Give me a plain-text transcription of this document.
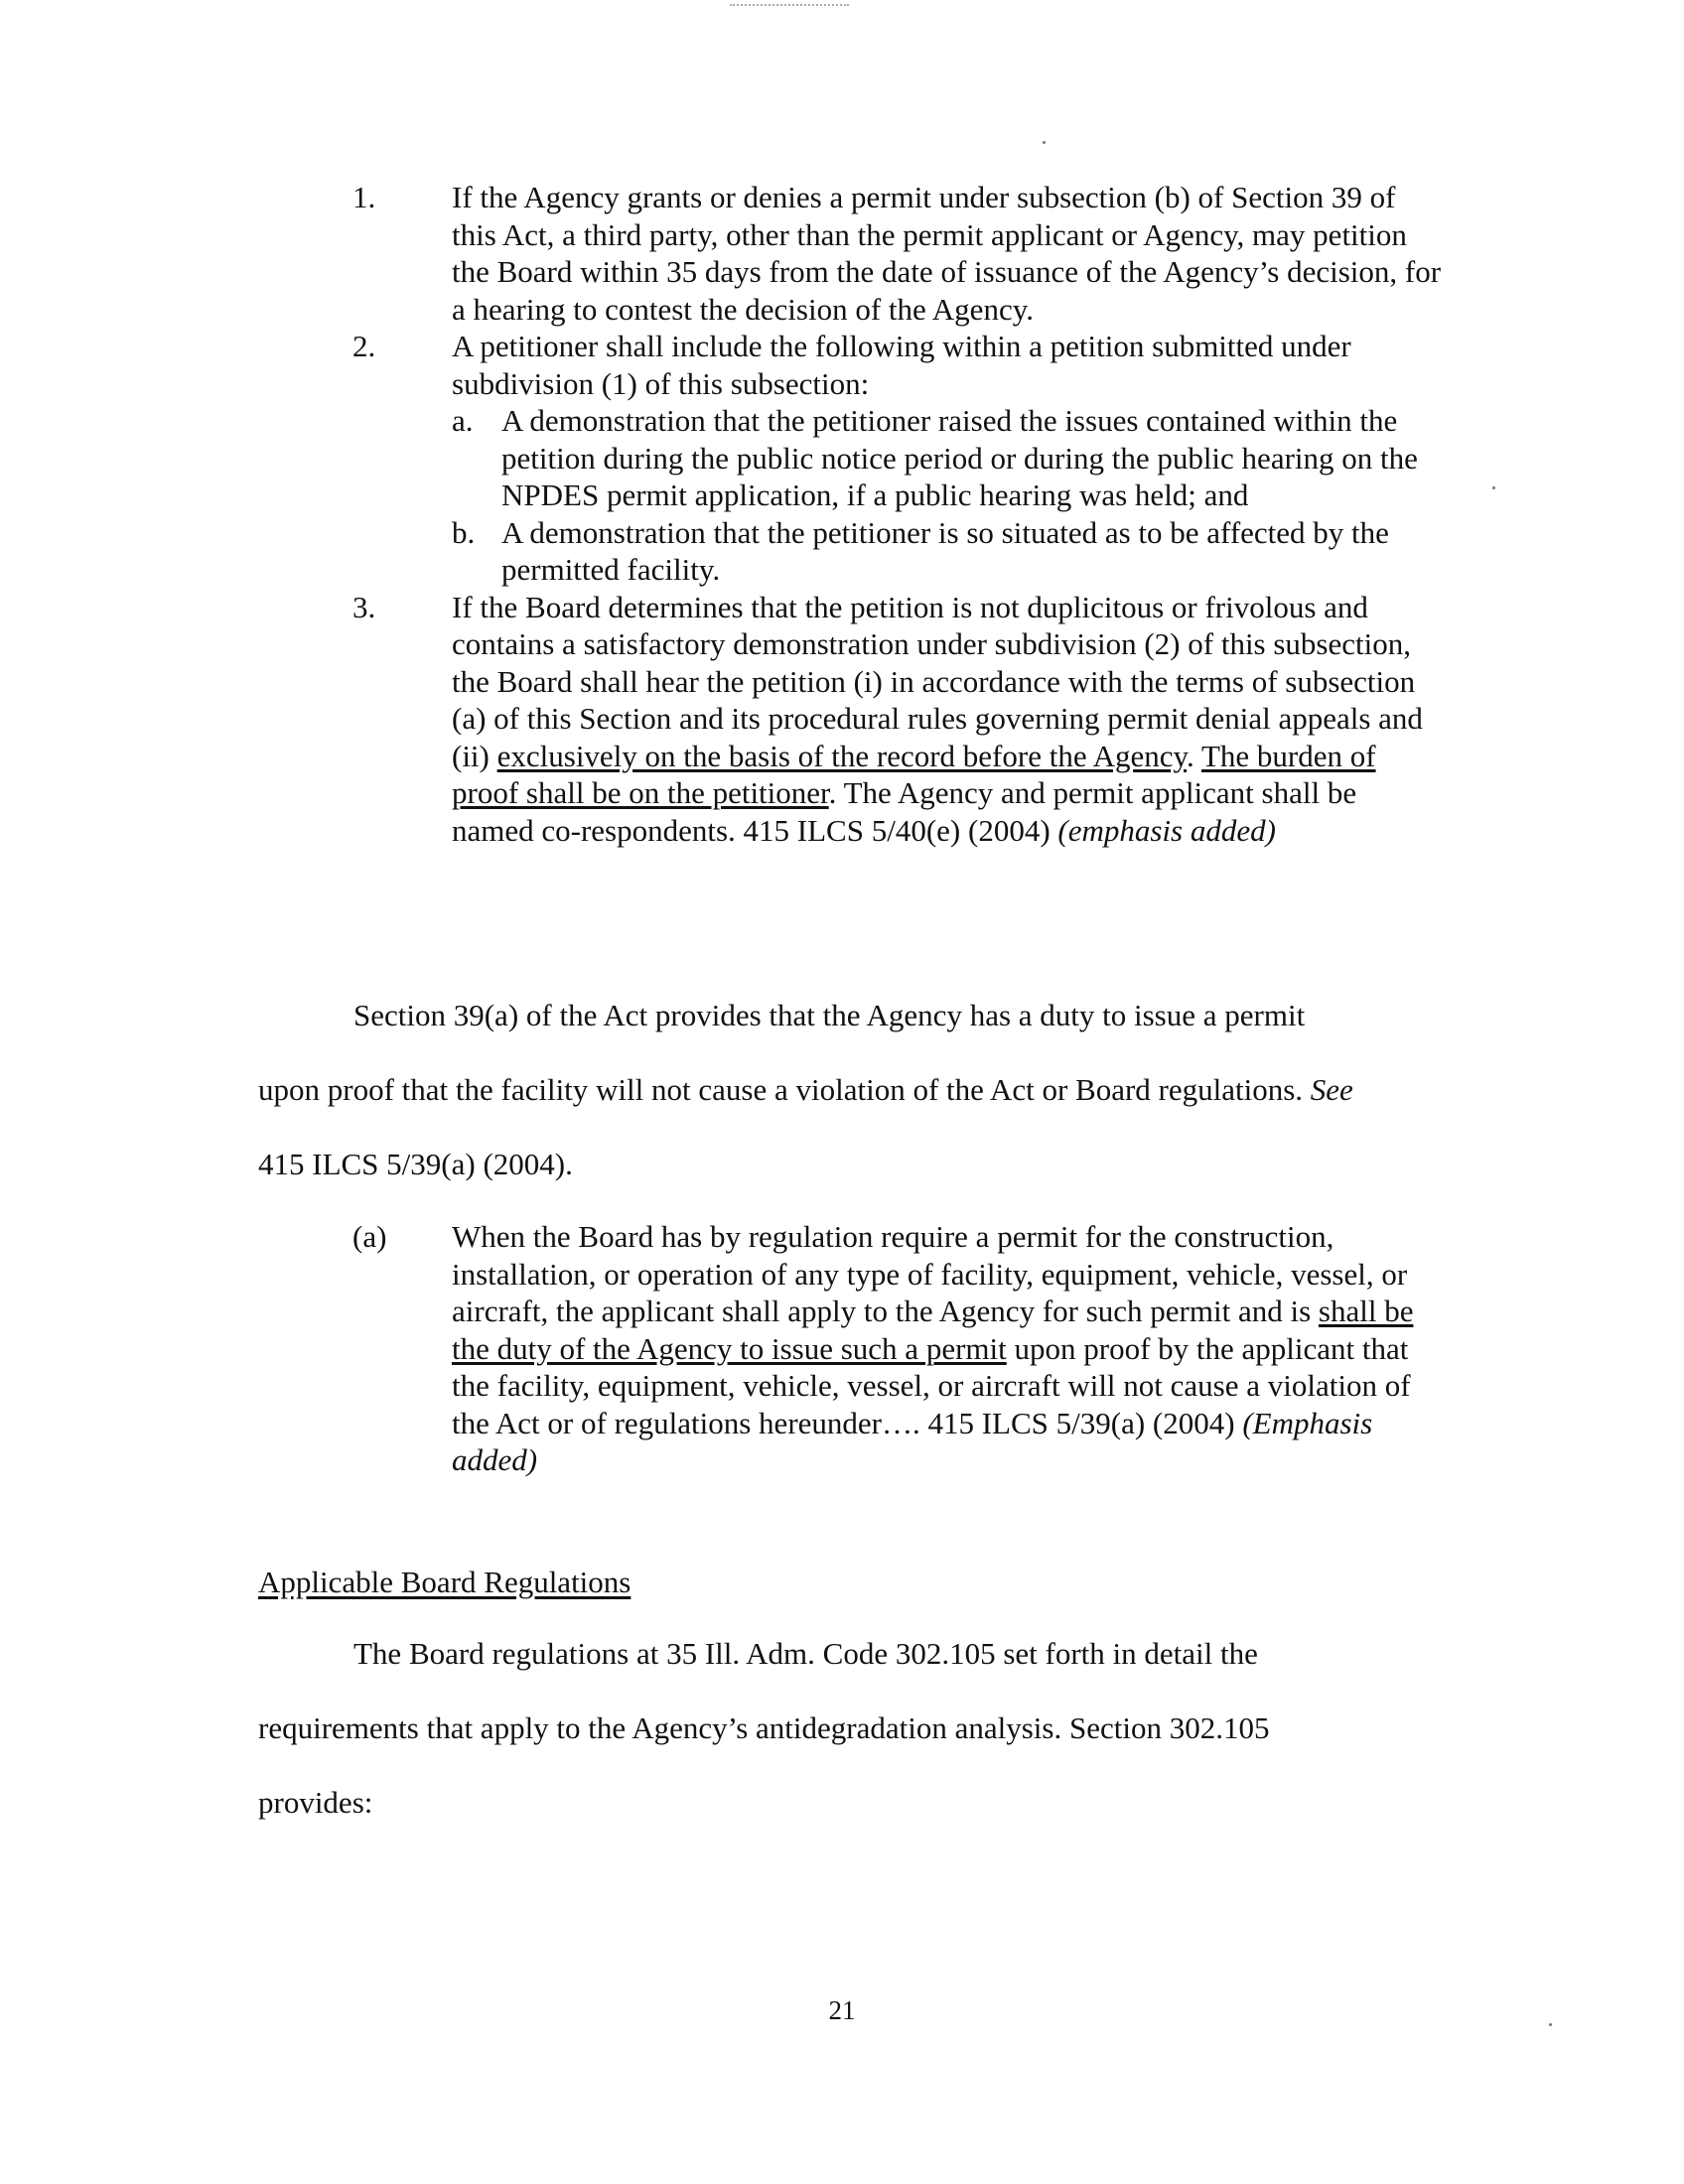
1. If the Agency grants or denies a permit under subsection (b) of Section 39 of this Act, a third party, other than the permit applicant or Agency, may petition the Board within 35 days from the date of issuance of the Agency’s decision, for a hearing to contest the decision of the Agency.
2. A petitioner shall include the following within a petition submitted under subdivision (1) of this subsection:
a. A demonstration that the petitioner raised the issues contained within the petition during the public notice period or during the public hearing on the NPDES permit application, if a public hearing was held; and
b. A demonstration that the petitioner is so situated as to be affected by the permitted facility.
3. If the Board determines that the petition is not duplicitous or frivolous and contains a satisfactory demonstration under subdivision (2) of this subsection, the Board shall hear the petition (i) in accordance with the terms of subsection (a) of this Section and its procedural rules governing permit denial appeals and (ii) exclusively on the basis of the record before the Agency. The burden of proof shall be on the petitioner. The Agency and permit applicant shall be named co-respondents. 415 ILCS 5/40(e) (2004) (emphasis added)
Section 39(a) of the Act provides that the Agency has a duty to issue a permit
upon proof that the facility will not cause a violation of the Act or Board regulations. See
415 ILCS 5/39(a) (2004).
(a) When the Board has by regulation require a permit for the construction, installation, or operation of any type of facility, equipment, vehicle, vessel, or aircraft, the applicant shall apply to the Agency for such permit and is shall be the duty of the Agency to issue such a permit upon proof by the applicant that the facility, equipment, vehicle, vessel, or aircraft will not cause a violation of the Act or of regulations hereunder…. 415 ILCS 5/39(a) (2004) (Emphasis added)
Applicable Board Regulations
The Board regulations at 35 Ill. Adm. Code 302.105 set forth in detail the
requirements that apply to the Agency’s antidegradation analysis. Section 302.105
provides:
21
